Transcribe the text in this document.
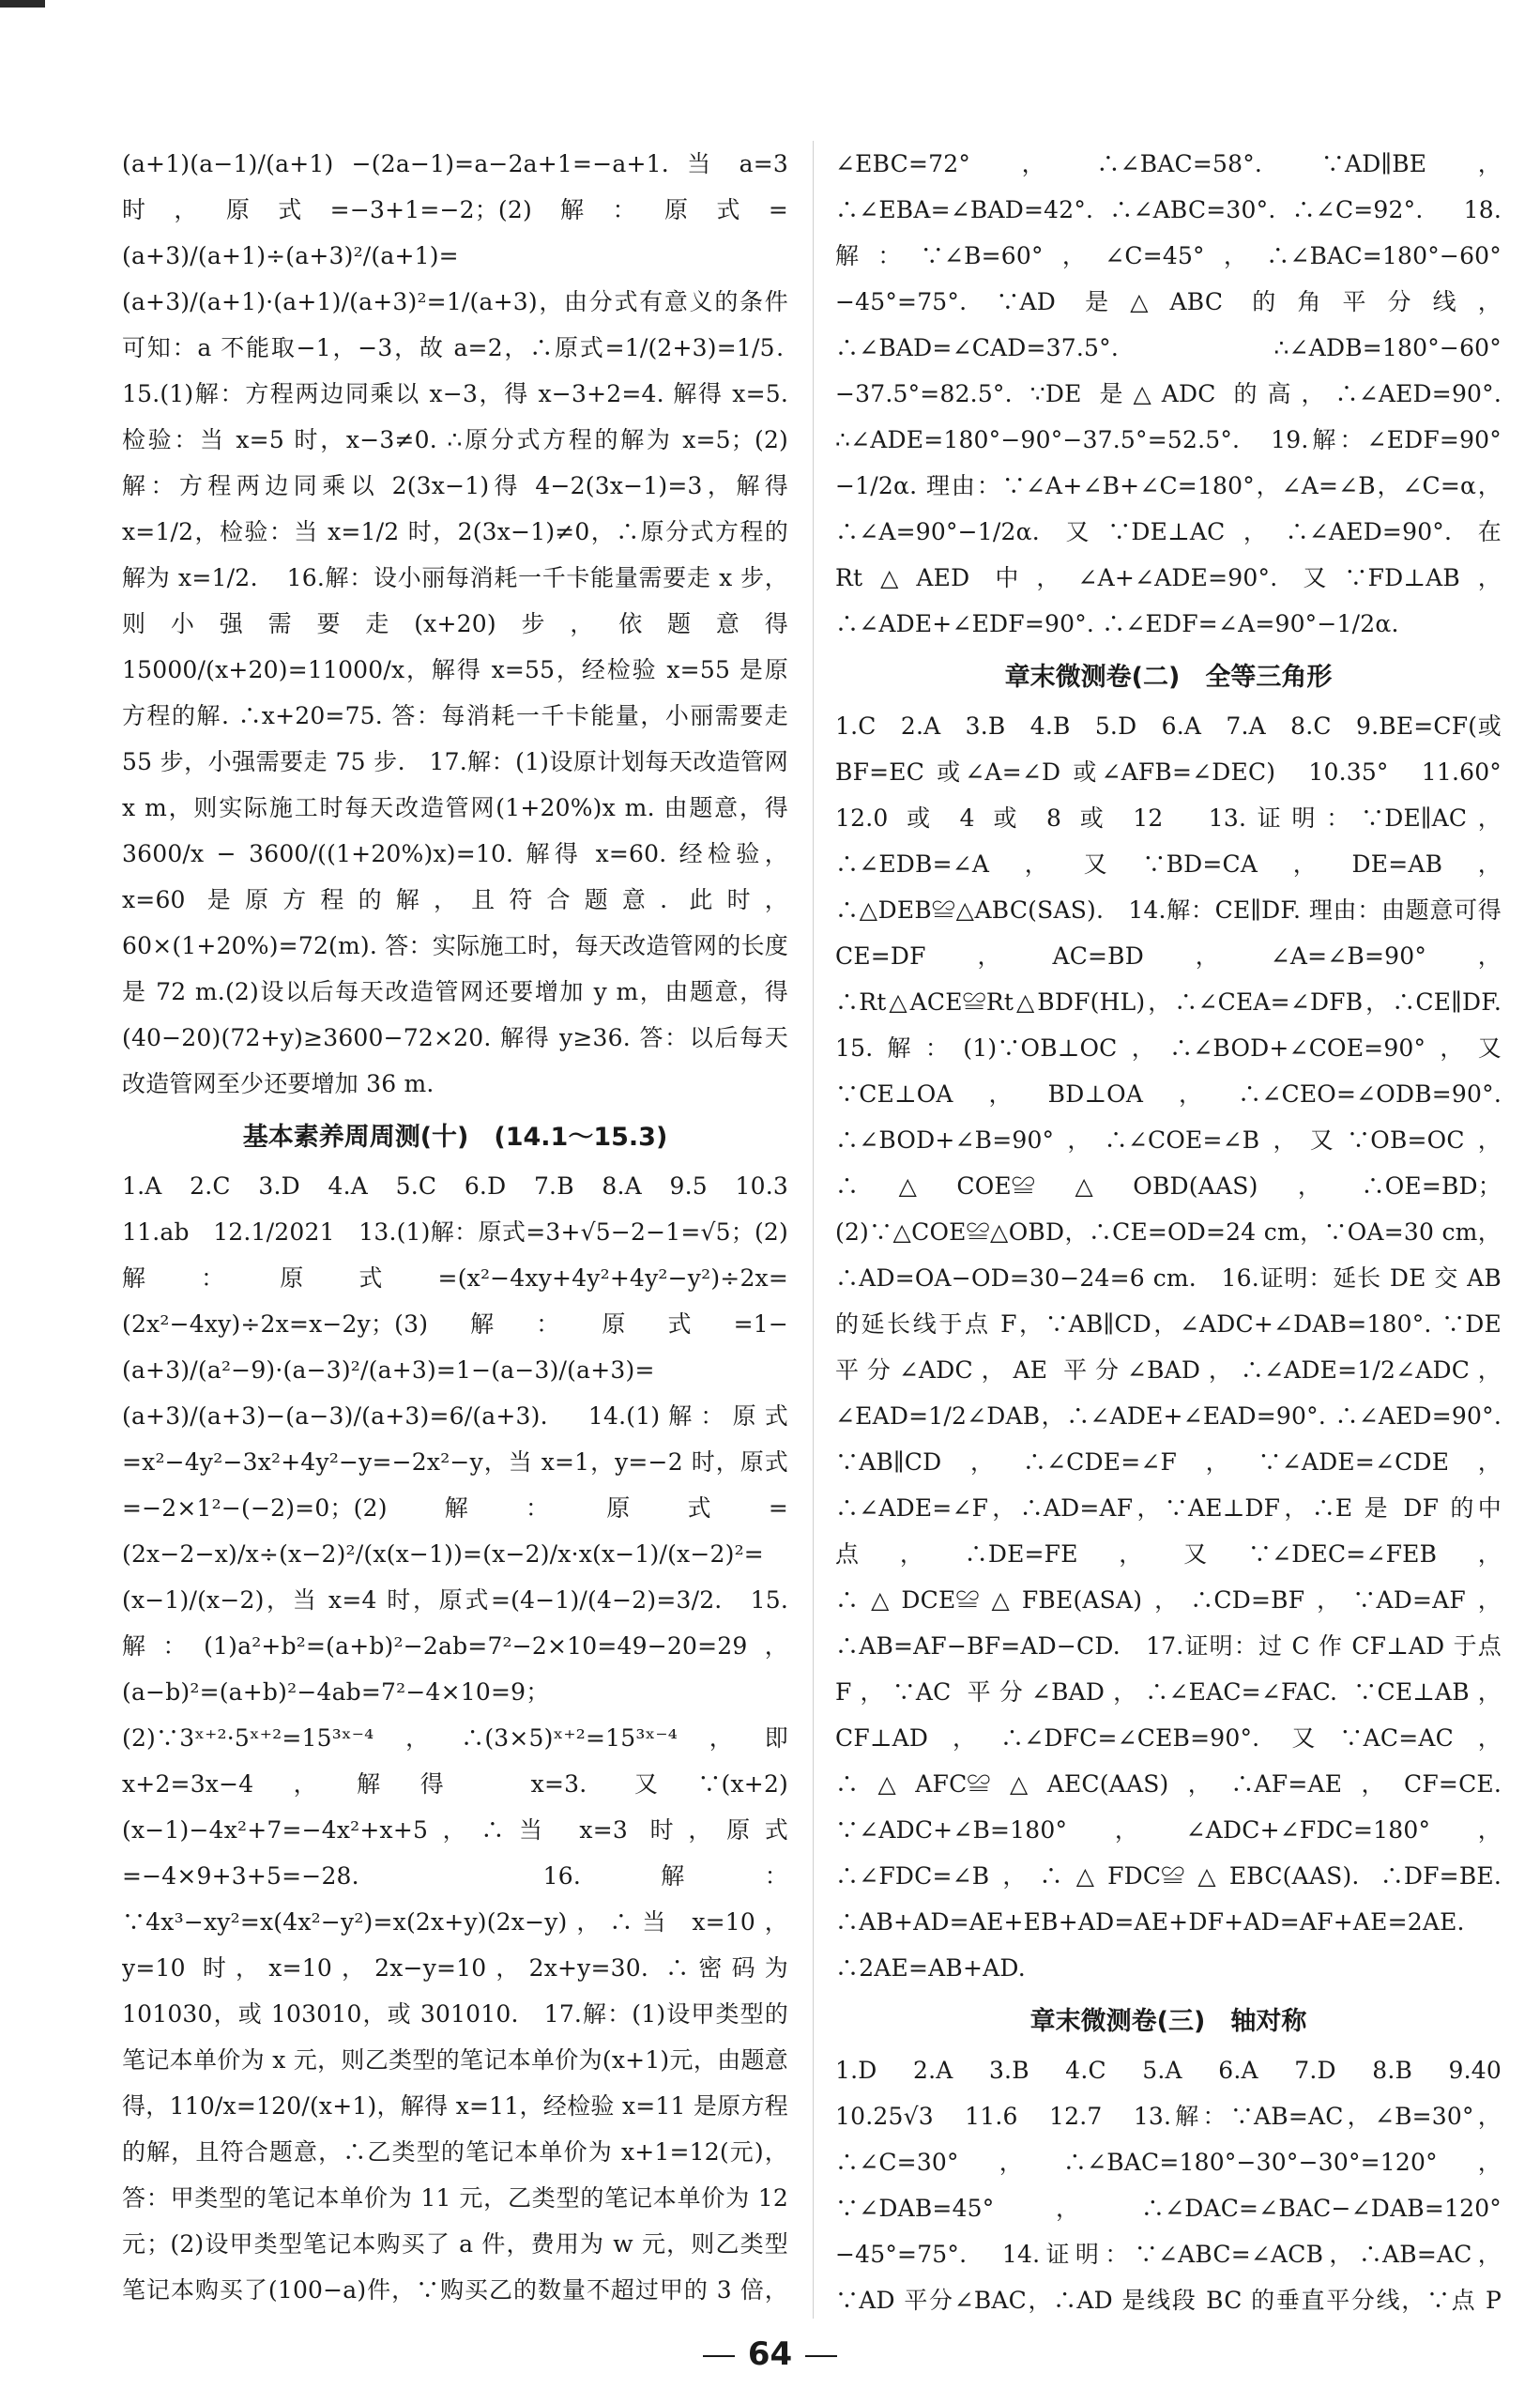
(a+1)(a−1)/(a+1) −(2a−1)=a−2a+1=−a+1. 当 a=3 时，原式=−3+1=−2；(2)解：原式=(a+3)/(a+1)÷(a+3)²/(a+1)=(a+3)/(a+1)·(a+1)/(a+3)²=1/(a+3)，由分式有意义的条件可知：a 不能取−1，−3，故 a=2，∴原式=1/(2+3)=1/5．　15.(1)解：方程两边同乘以 x−3，得 x−3+2=4. 解得 x=5. 检验：当 x=5 时，x−3≠0. ∴原分式方程的解为 x=5；(2)解：方程两边同乘以 2(3x−1)得 4−2(3x−1)=3，解得 x=1/2，检验：当 x=1/2 时，2(3x−1)≠0，∴原分式方程的解为 x=1/2．　16.解：设小丽每消耗一千卡能量需要走 x 步，则小强需要走(x+20)步，依题意得 15000/(x+20)=11000/x，解得 x=55，经检验 x=55 是原方程的解. ∴x+20=75. 答：每消耗一千卡能量，小丽需要走 55 步，小强需要走 75 步.　17.解：(1)设原计划每天改造管网 x m，则实际施工时每天改造管网(1+20%)x m. 由题意，得 3600/x − 3600/((1+20%)x)=10. 解得 x=60. 经检验，x=60 是原方程的解，且符合题意. 此时，60×(1+20%)=72(m). 答：实际施工时，每天改造管网的长度是 72 m.(2)设以后每天改造管网还要增加 y m，由题意，得(40−20)(72+y)≥3600−72×20. 解得 y≥36. 答：以后每天改造管网至少还要增加 36 m.

基本素养周周测(十)　(14.1～15.3)

1.A　2.C　3.D　4.A　5.C　6.D　7.B　8.A　9.5　10.3　11.ab　12.1/2021　13.(1)解：原式=3+√5−2−1=√5；(2)解：原式=(x²−4xy+4y²+4y²−y²)÷2x=(2x²−4xy)÷2x=x−2y；(3)解：原式=1−(a+3)/(a²−9)·(a−3)²/(a+3)=1−(a−3)/(a+3)=(a+3)/(a+3)−(a−3)/(a+3)=6/(a+3).　14.(1)解：原式=x²−4y²−3x²+4y²−y=−2x²−y，当 x=1，y=−2 时，原式=−2×1²−(−2)=0；(2)解：原式=(2x−2−x)/x÷(x−2)²/(x(x−1))=(x−2)/x·x(x−1)/(x−2)²=(x−1)/(x−2)，当 x=4 时，原式=(4−1)/(4−2)=3/2.　15.解：(1)a²+b²=(a+b)²−2ab=7²−2×10=49−20=29，(a−b)²=(a+b)²−4ab=7²−4×10=9；(2)∵3ˣ⁺²·5ˣ⁺²=15³ˣ⁻⁴，∴(3×5)ˣ⁺²=15³ˣ⁻⁴，即 x+2=3x−4，解得 x=3. 又∵(x+2)(x−1)−4x²+7=−4x²+x+5，∴当 x=3 时，原式=−4×9+3+5=−28.　16.解：∵4x³−xy²=x(4x²−y²)=x(2x+y)(2x−y)，∴当 x=10，y=10 时，x=10，2x−y=10，2x+y=30. ∴密码为 101030，或 103010，或 301010.　17.解：(1)设甲类型的笔记本单价为 x 元，则乙类型的笔记本单价为(x+1)元，由题意得，110/x=120/(x+1)，解得 x=11，经检验 x=11 是原方程的解，且符合题意，∴乙类型的笔记本单价为 x+1=12(元)，答：甲类型的笔记本单价为 11 元，乙类型的笔记本单价为 12 元；(2)设甲类型笔记本购买了 a 件，费用为 w 元，则乙类型笔记本购买了(100−a)件，∵购买乙的数量不超过甲的 3 倍，

∠EBC=72°，∴∠BAC=58°. ∵AD∥BE，∴∠EBA=∠BAD=42°. ∴∠ABC=30°. ∴∠C=92°.　18.解：∵∠B=60°，∠C=45°，∴∠BAC=180°−60°−45°=75°. ∵AD 是△ABC 的角平分线，∴∠BAD=∠CAD=37.5°. ∴∠ADB=180°−60°−37.5°=82.5°. ∵DE 是△ADC 的高，∴∠AED=90°. ∴∠ADE=180°−90°−37.5°=52.5°.　19.解：∠EDF=90°−1/2α. 理由：∵∠A+∠B+∠C=180°，∠A=∠B，∠C=α，∴∠A=90°−1/2α. 又∵DE⊥AC，∴∠AED=90°. 在 Rt△AED 中，∠A+∠ADE=90°. 又∵FD⊥AB，∴∠ADE+∠EDF=90°. ∴∠EDF=∠A=90°−1/2α.

章末微测卷(二)　全等三角形

1.C　2.A　3.B　4.B　5.D　6.A　7.A　8.C　9.BE=CF(或 BF=EC 或∠A=∠D 或∠AFB=∠DEC)　10.35°　11.60°　12.0 或 4 或 8 或 12　13.证明：∵DE∥AC，∴∠EDB=∠A，又∵BD=CA，DE=AB，∴△DEB≌△ABC(SAS).　14.解：CE∥DF. 理由：由题意可得 CE=DF，AC=BD，∠A=∠B=90°，∴Rt△ACE≌Rt△BDF(HL)，∴∠CEA=∠DFB，∴CE∥DF.　15.解：(1)∵OB⊥OC，∴∠BOD+∠COE=90°，又∵CE⊥OA，BD⊥OA，∴∠CEO=∠ODB=90°. ∴∠BOD+∠B=90°，∴∠COE=∠B，又∵OB=OC，∴△COE≌△OBD(AAS)，∴OE=BD；(2)∵△COE≌△OBD，∴CE=OD=24 cm，∵OA=30 cm，∴AD=OA−OD=30−24=6 cm.　16.证明：延长 DE 交 AB 的延长线于点 F，∵AB∥CD，∠ADC+∠DAB=180°. ∵DE 平分∠ADC，AE 平分∠BAD，∴∠ADE=1/2∠ADC，∠EAD=1/2∠DAB，∴∠ADE+∠EAD=90°. ∴∠AED=90°. ∵AB∥CD，∴∠CDE=∠F，∵∠ADE=∠CDE，∴∠ADE=∠F，∴AD=AF，∵AE⊥DF，∴E 是 DF 的中点，∴DE=FE，又∵∠DEC=∠FEB，∴△DCE≌△FBE(ASA)，∴CD=BF，∵AD=AF，∴AB=AF−BF=AD−CD.　17.证明：过 C 作 CF⊥AD 于点 F，∵AC 平分∠BAD，∴∠EAC=∠FAC. ∵CE⊥AB，CF⊥AD，∴∠DFC=∠CEB=90°. 又∵AC=AC，∴△AFC≌△AEC(AAS)，∴AF=AE，CF=CE. ∵∠ADC+∠B=180°，∠ADC+∠FDC=180°，∴∠FDC=∠B，∴△FDC≌△EBC(AAS). ∴DF=BE. ∴AB+AD=AE+EB+AD=AE+DF+AD=AF+AE=2AE. ∴2AE=AB+AD.

章末微测卷(三)　轴对称

1.D　2.A　3.B　4.C　5.A　6.A　7.D　8.B　9.40　10.25√3　11.6　12.7　13.解：∵AB=AC，∠B=30°，∴∠C=30°，∴∠BAC=180°−30°−30°=120°，∵∠DAB=45°，∴∠DAC=∠BAC−∠DAB=120°−45°=75°.　14.证明：∵∠ABC=∠ACB，∴AB=AC，∵AD 平分∠BAC，∴AD 是线段 BC 的垂直平分线，∵点 P 　　 　

64
